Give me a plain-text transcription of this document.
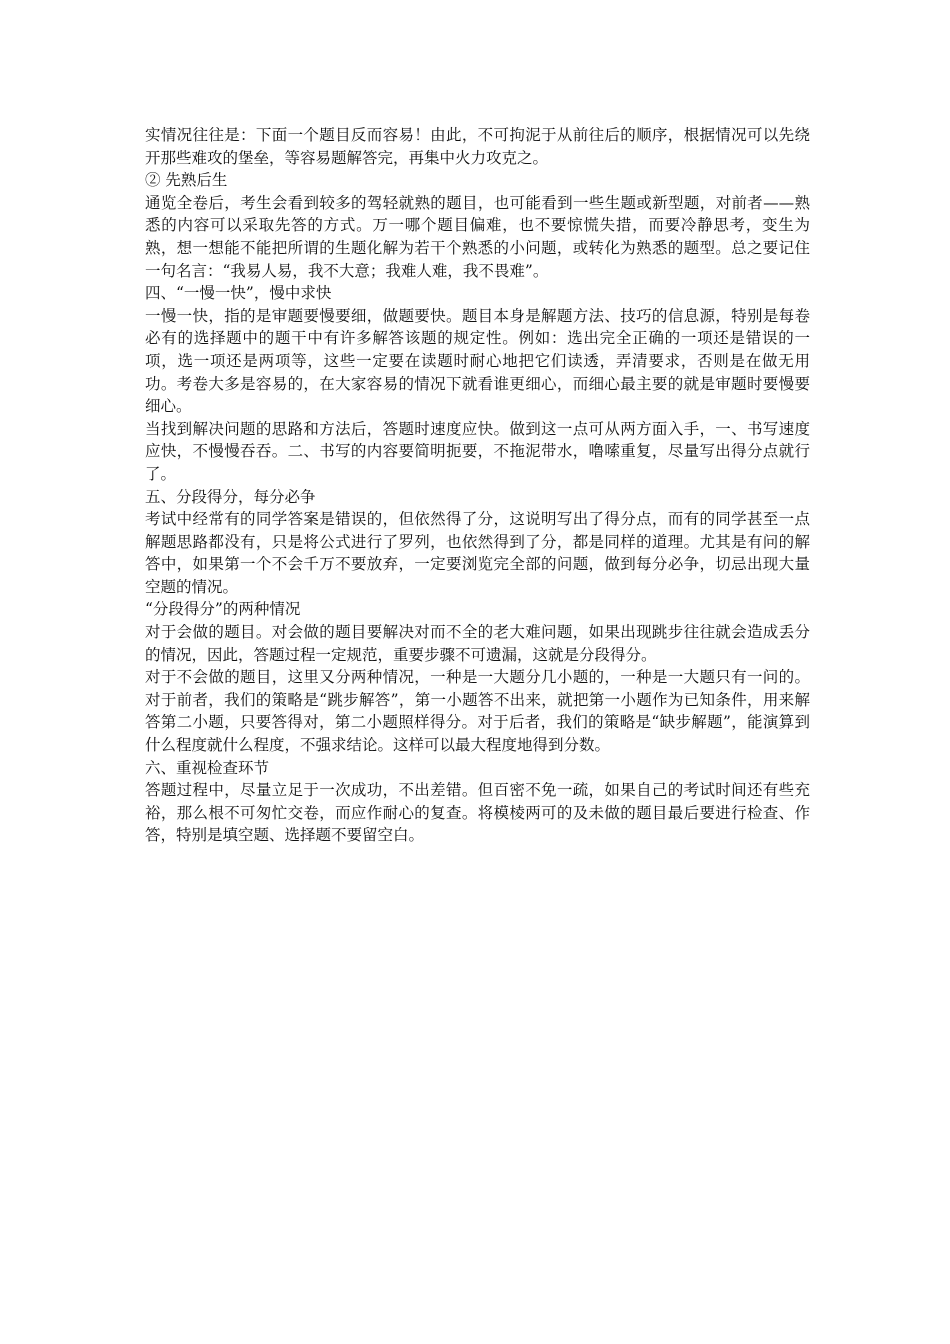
实情况往往是：下面一个题目反而容易！由此，不可拘泥于从前往后的顺序，根据情况可以先绕开那些难攻的堡垒，等容易题解答完，再集中火力攻克之。

② 先熟后生

通览全卷后，考生会看到较多的驾轻就熟的题目，也可能看到一些生题或新型题，对前者——熟悉的内容可以采取先答的方式。万一哪个题目偏难，也不要惊慌失措，而要冷静思考，变生为熟，想一想能不能把所谓的生题化解为若干个熟悉的小问题，或转化为熟悉的题型。总之要记住一句名言：“我易人易，我不大意；我难人难，我不畏难”。

四、“一慢一快”，慢中求快

一慢一快，指的是审题要慢要细，做题要快。题目本身是解题方法、技巧的信息源，特别是每卷必有的选择题中的题干中有许多解答该题的规定性。例如：选出完全正确的一项还是错误的一项，选一项还是两项等，这些一定要在读题时耐心地把它们读透，弄清要求，否则是在做无用功。考卷大多是容易的，在大家容易的情况下就看谁更细心，而细心最主要的就是审题时要慢要细心。

当找到解决问题的思路和方法后，答题时速度应快。做到这一点可从两方面入手，一、书写速度应快，不慢慢吞吞。二、书写的内容要简明扼要，不拖泥带水，噜嗦重复，尽量写出得分点就行了。

五、分段得分，每分必争

考试中经常有的同学答案是错误的，但依然得了分，这说明写出了得分点，而有的同学甚至一点解题思路都没有，只是将公式进行了罗列，也依然得到了分，都是同样的道理。尤其是有问的解答中，如果第一个不会千万不要放弃，一定要浏览完全部的问题，做到每分必争，切忌出现大量空题的情况。

“分段得分”的两种情况

对于会做的题目。对会做的题目要解决对而不全的老大难问题，如果出现跳步往往就会造成丢分的情况，因此，答题过程一定规范，重要步骤不可遗漏，这就是分段得分。

对于不会做的题目，这里又分两种情况，一种是一大题分几小题的，一种是一大题只有一问的。对于前者，我们的策略是“跳步解答”，第一小题答不出来，就把第一小题作为已知条件，用来解答第二小题，只要答得对，第二小题照样得分。对于后者，我们的策略是“缺步解题”，能演算到什么程度就什么程度，不强求结论。这样可以最大程度地得到分数。

六、重视检查环节

答题过程中，尽量立足于一次成功，不出差错。但百密不免一疏，如果自己的考试时间还有些充裕，那么根不可匆忙交卷，而应作耐心的复查。将模棱两可的及未做的题目最后要进行检查、作答，特别是填空题、选择题不要留空白。
